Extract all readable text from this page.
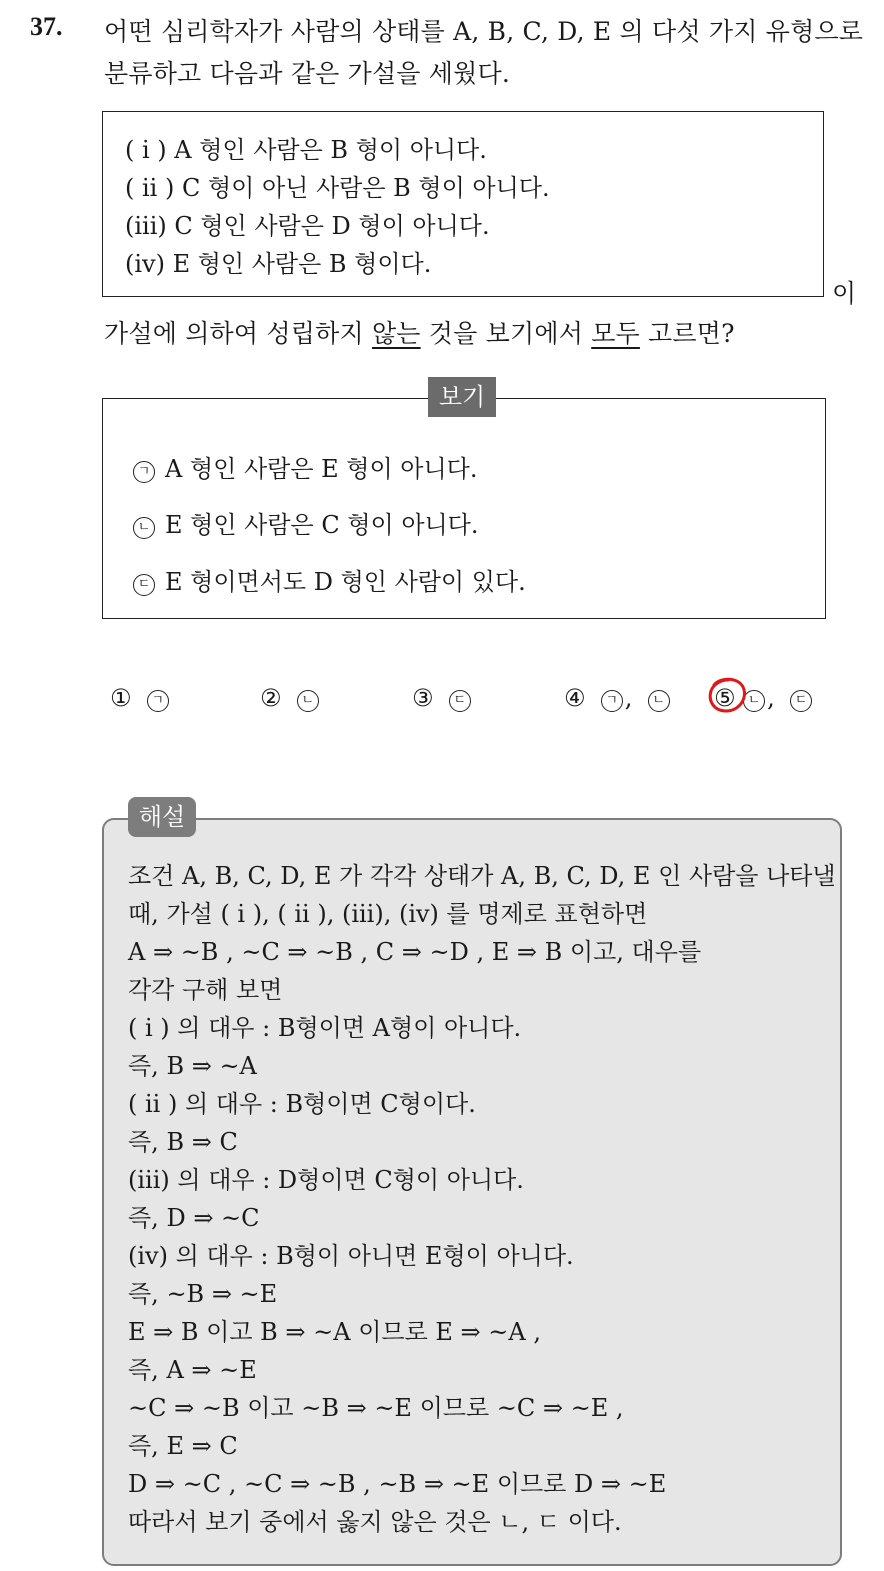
37. 어떤 심리학자가 사람의 상태를 A, B, C, D, E 의 다섯 가지 유형으로
분류하고 다음과 같은 가설을 세웠다.
( i ) A 형인 사람은 B 형이 아니다.
( ii ) C 형이 아닌 사람은 B 형이 아니다.
(iii) C 형인 사람은 D 형이 아니다.
(iv) E 형인 사람은 B 형이다.
이
가설에 의하여 성립하지 않는 것을 보기에서 모두 고르면?
ㄱ A 형인 사람은 E 형이 아니다.
ㄴ E 형인 사람은 C 형이 아니다.
ㄷ E 형이면서도 D 형인 사람이 있다.
보기
① ㄱ	② ㄴ	③ ㄷ	④ ㄱ ,  ㄴ	⑤ ㄴ ,  ㄷ
조건 A, B, C, D, E 가 각각 상태가 A, B, C, D, E 인 사람을 나타낼
때, 가설 ( i ), ( ii ), (iii), (iv) 를 명제로 표현하면
A ⇒ ~B , ~C ⇒ ~B , C ⇒ ~D , E ⇒ B 이고, 대우를
각각 구해 보면
( i ) 의 대우 : B형이면 A형이 아니다.
즉, B ⇒ ~A
( ii ) 의 대우 : B형이면 C형이다.
즉, B ⇒ C
(iii) 의 대우 : D형이면 C형이 아니다.
즉, D ⇒ ~C
(iv) 의 대우 : B형이 아니면 E형이 아니다.
즉, ~B ⇒ ~E
E ⇒ B 이고 B ⇒ ~A 이므로 E ⇒ ~A ,
즉, A ⇒ ~E
~C ⇒ ~B 이고 ~B ⇒ ~E 이므로 ~C ⇒ ~E ,
즉, E ⇒ C
D ⇒ ~C , ~C ⇒ ~B , ~B ⇒ ~E 이므로 D ⇒ ~E
따라서 보기 중에서 옳지 않은 것은 ㄴ, ㄷ 이다.
해설
